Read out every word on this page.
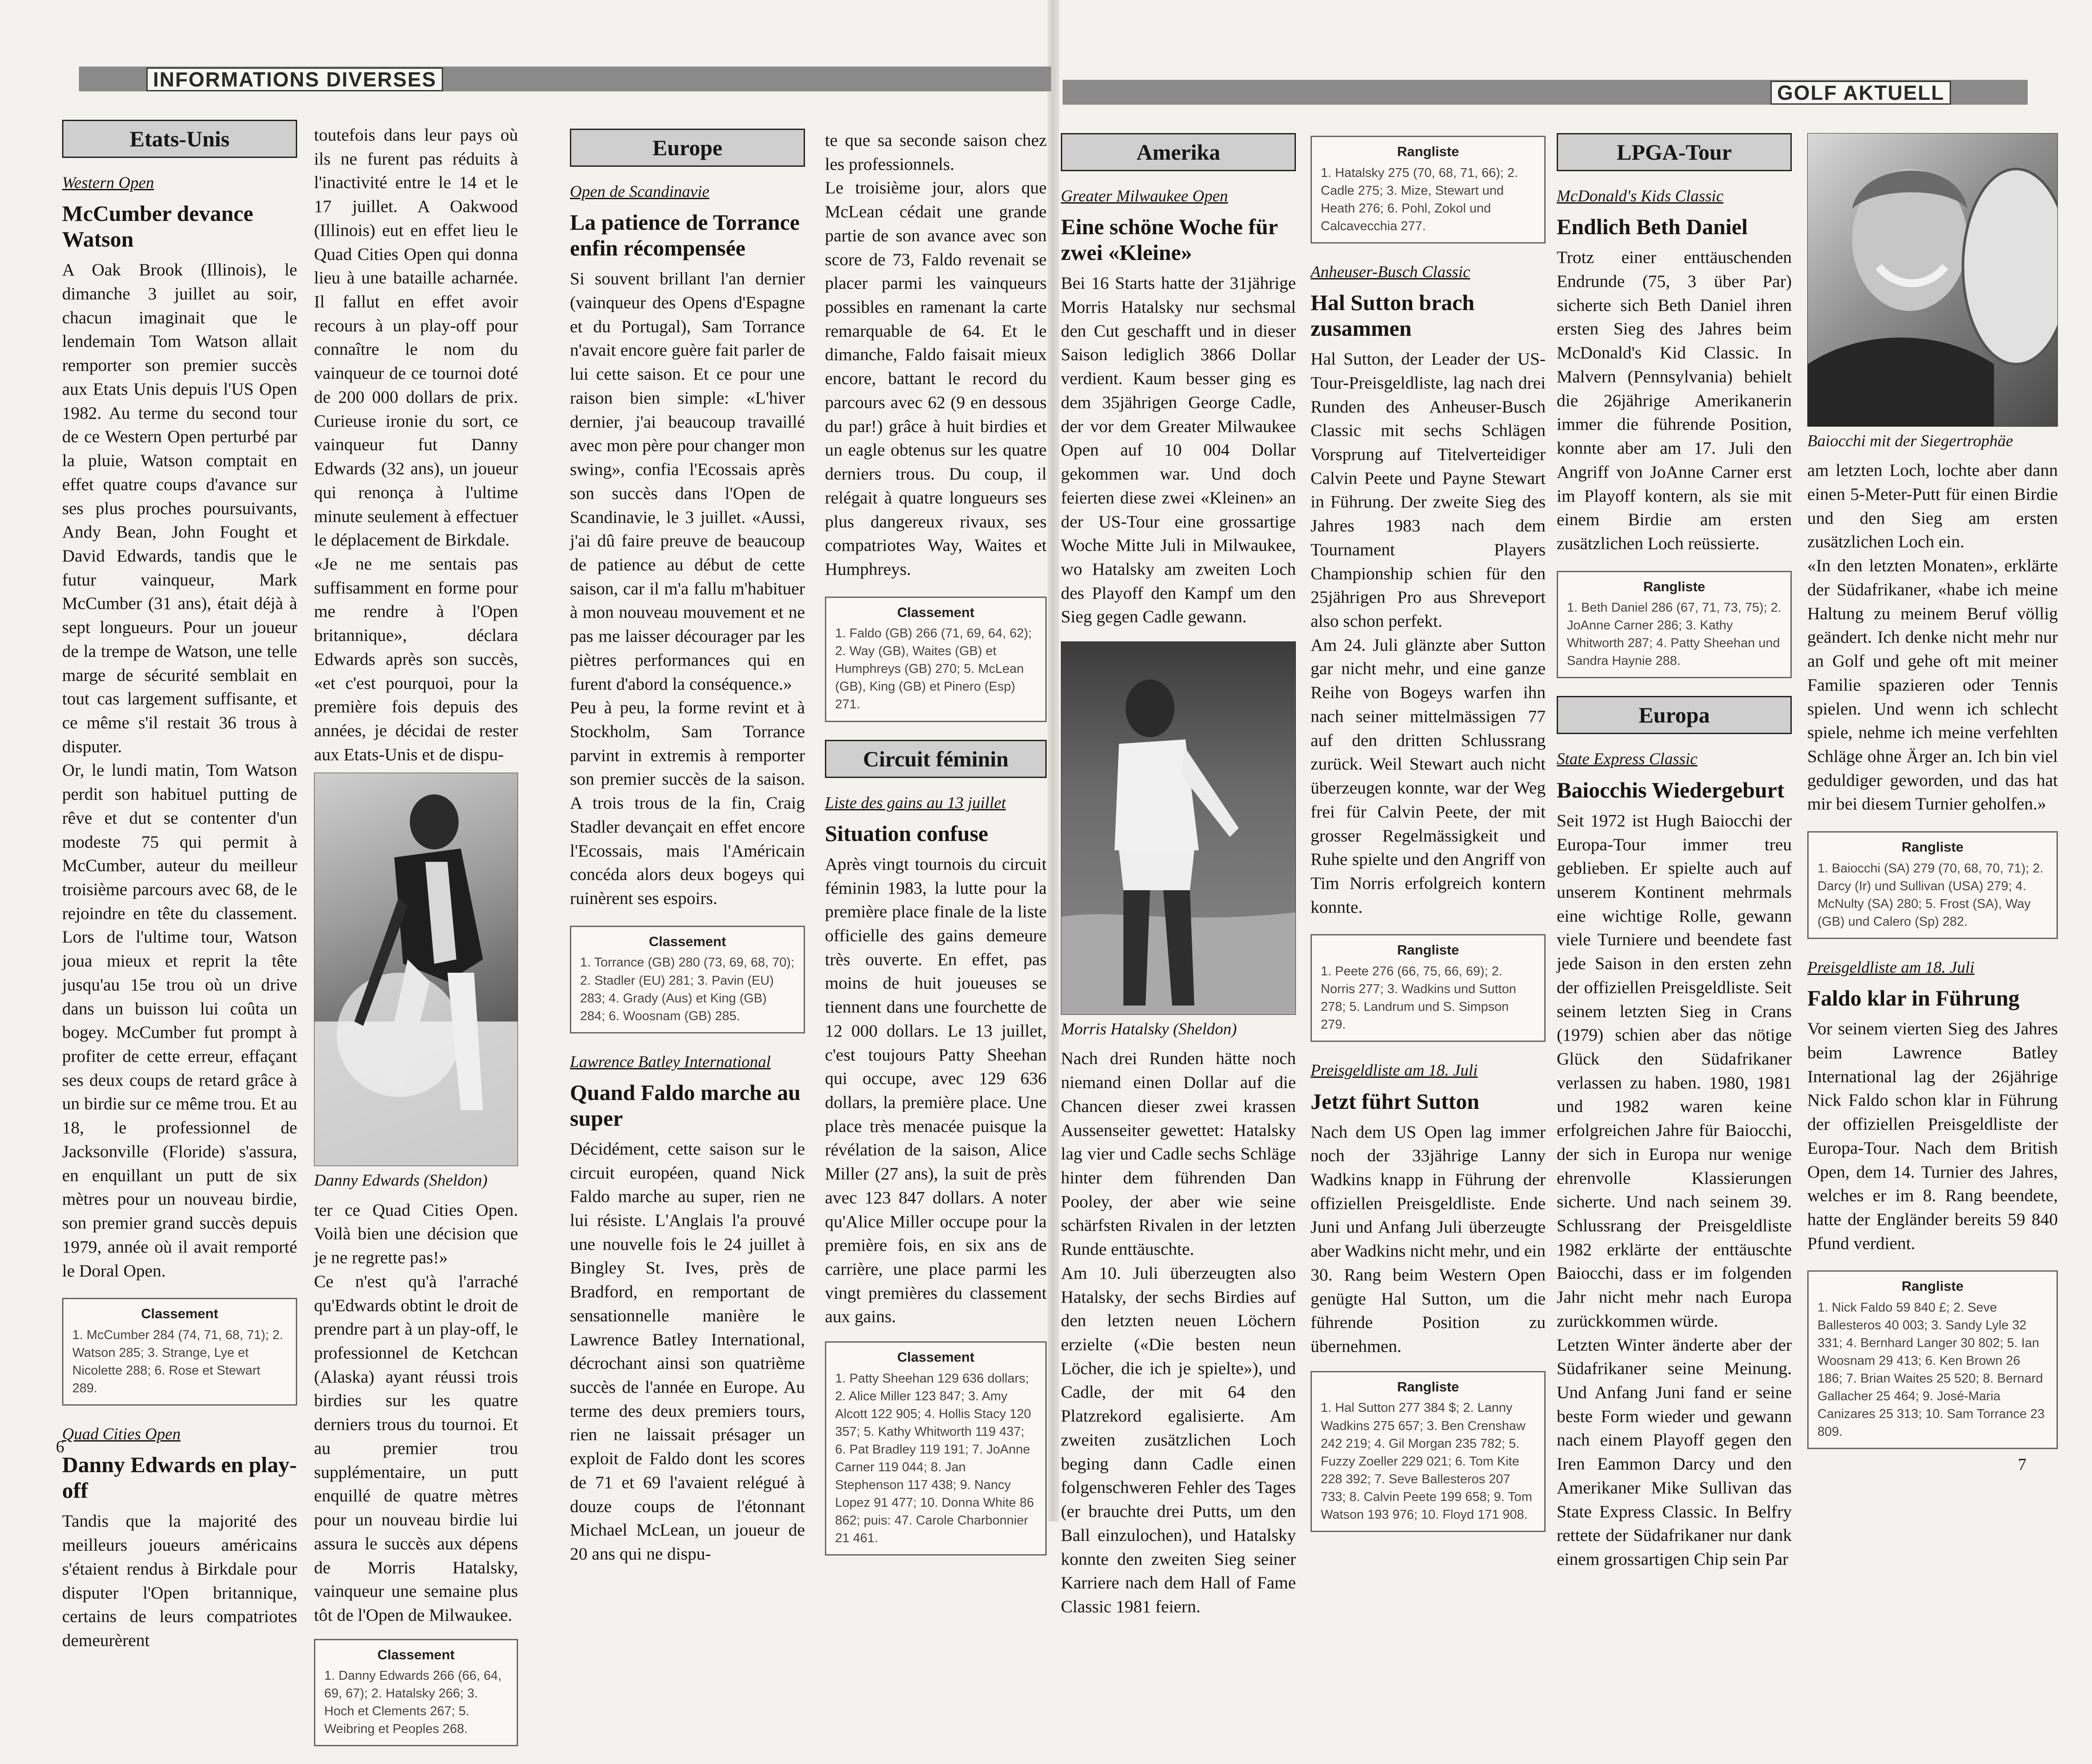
INFORMATIONS DIVERSES
Etats-Unis
Western Open
McCumber devance Watson

A Oak Brook (Illinois), le dimanche 3 juillet au soir, chacun imaginait que le lendemain Tom Watson allait remporter son premier succès aux Etats Unis depuis l'US Open 1982. Au terme du second tour de ce Western Open perturbé par la pluie, Watson comptait en effet quatre coups d'avance sur ses plus proches poursuivants, Andy Bean, John Fought et David Edwards, tandis que le futur vainqueur, Mark McCumber (31 ans), était déjà à sept longueurs. Pour un joueur de la trempe de Watson, une telle marge de sécurité semblait en tout cas largement suffisante, et ce même s'il restait 36 trous à disputer.

Or, le lundi matin, Tom Watson perdit son habituel putting de rêve et dut se contenter d'un modeste 75 qui permit à McCumber, auteur du meilleur troisième parcours avec 68, de le rejoindre en tête du classement. Lors de l'ultime tour, Watson joua mieux et reprit la tête jusqu'au 15e trou où un drive dans un buisson lui coûta un bogey. McCumber fut prompt à profiter de cette erreur, effaçant ses deux coups de retard grâce à un birdie sur ce même trou. Et au 18, le professionnel de Jacksonville (Floride) s'assura, en enquillant un putt de six mètres pour un nouveau birdie, son premier grand succès depuis 1979, année où il avait remporté le Doral Open.

Classement
1. McCumber 284 (74, 71, 68, 71); 2. Watson 285; 3. Strange, Lye et Nicolette 288; 6. Rose et Stewart 289.
Quad Cities Open
Danny Edwards en play-off

Tandis que la majorité des meilleurs joueurs américains s'étaient rendus à Birkdale pour disputer l'Open britannique, certains de leurs compatriotes demeurèrent

toutefois dans leur pays où ils ne furent pas réduits à l'inactivité entre le 14 et le 17 juillet. A Oakwood (Illinois) eut en effet lieu le Quad Cities Open qui donna lieu à une bataille acharnée. Il fallut en effet avoir recours à un play-off pour connaître le nom du vainqueur de ce tournoi doté de 200 000 dollars de prix. Curieuse ironie du sort, ce vainqueur fut Danny Edwards (32 ans), un joueur qui renonça à l'ultime minute seulement à effectuer le déplacement de Birkdale.

«Je ne me sentais pas suffisamment en forme pour me rendre à l'Open britannique», déclara Edwards après son succès, «et c'est pourquoi, pour la première fois depuis des années, je décidai de rester aux Etats-Unis et de dispu-

Danny Edwards (Sheldon)

ter ce Quad Cities Open. Voilà bien une décision que je ne regrette pas!»

Ce n'est qu'à l'arraché qu'Edwards obtint le droit de prendre part à un play-off, le professionnel de Ketchcan (Alaska) ayant réussi trois birdies sur les quatre derniers trous du tournoi. Et au premier trou supplémentaire, un putt enquillé de quatre mètres pour un nouveau birdie lui assura le succès aux dépens de Morris Hatalsky, vainqueur une semaine plus tôt de l'Open de Milwaukee.

Classement
1. Danny Edwards 266 (66, 64, 69, 67); 2. Hatalsky 266; 3. Hoch et Clements 267; 5. Weibring et Peoples 268.
Europe
Open de Scandinavie
La patience de Torrance enfin récompensée

Si souvent brillant l'an dernier (vainqueur des Opens d'Espagne et du Portugal), Sam Torrance n'avait encore guère fait parler de lui cette saison. Et ce pour une raison bien simple: «L'hiver dernier, j'ai beaucoup travaillé avec mon père pour changer mon swing», confia l'Ecossais après son succès dans l'Open de Scandinavie, le 3 juillet. «Aussi, j'ai dû faire preuve de beaucoup de patience au début de cette saison, car il m'a fallu m'habituer à mon nouveau mouvement et ne pas me laisser décourager par les piètres performances qui en furent d'abord la conséquence.»

Peu à peu, la forme revint et à Stockholm, Sam Torrance parvint in extremis à remporter son premier succès de la saison. A trois trous de la fin, Craig Stadler devançait en effet encore l'Ecossais, mais l'Américain concéda alors deux bogeys qui ruinèrent ses espoirs.

Classement
1. Torrance (GB) 280 (73, 69, 68, 70); 2. Stadler (EU) 281; 3. Pavin (EU) 283; 4. Grady (Aus) et King (GB) 284; 6. Woosnam (GB) 285.
Lawrence Batley International
Quand Faldo marche au super

Décidément, cette saison sur le circuit européen, quand Nick Faldo marche au super, rien ne lui résiste. L'Anglais l'a prouvé une nouvelle fois le 24 juillet à Bingley St. Ives, près de Bradford, en remportant de sensationnelle manière le Lawrence Batley International, décrochant ainsi son quatrième succès de l'année en Europe. Au terme des deux premiers tours, rien ne laissait présager un exploit de Faldo dont les scores de 71 et 69 l'avaient relégué à douze coups de l'étonnant Michael McLean, un joueur de 20 ans qui ne dispu-

te que sa seconde saison chez les professionnels.

Le troisième jour, alors que McLean cédait une grande partie de son avance avec son score de 73, Faldo revenait se placer parmi les vainqueurs possibles en ramenant la carte remarquable de 64. Et le dimanche, Faldo faisait mieux encore, battant le record du parcours avec 62 (9 en dessous du par!) grâce à huit birdies et un eagle obtenus sur les quatre derniers trous. Du coup, il relégait à quatre longueurs ses plus dangereux rivaux, ses compatriotes Way, Waites et Humphreys.

Classement
1. Faldo (GB) 266 (71, 69, 64, 62); 2. Way (GB), Waites (GB) et Humphreys (GB) 270; 5. McLean (GB), King (GB) et Pinero (Esp) 271.
Circuit féminin
Liste des gains au 13 juillet
Situation confuse

Après vingt tournois du circuit féminin 1983, la lutte pour la première place finale de la liste officielle des gains demeure très ouverte. En effet, pas moins de huit joueuses se tiennent dans une fourchette de 12 000 dollars. Le 13 juillet, c'est toujours Patty Sheehan qui occupe, avec 129 636 dollars, la première place. Une place très menacée puisque la révélation de la saison, Alice Miller (27 ans), la suit de près avec 123 847 dollars. A noter qu'Alice Miller occupe pour la première fois, en six ans de carrière, une place parmi les vingt premières du classement aux gains.

Classement
1. Patty Sheehan 129 636 dollars; 2. Alice Miller 123 847; 3. Amy Alcott 122 905; 4. Hollis Stacy 120 357; 5. Kathy Whitworth 119 437; 6. Pat Bradley 119 191; 7. JoAnne Carner 119 044; 8. Jan Stephenson 117 438; 9. Nancy Lopez 91 477; 10. Donna White 86 862; puis: 47. Carole Charbonnier 21 461.
6
GOLF AKTUELL
Amerika
Greater Milwaukee Open
Eine schöne Woche für zwei «Kleine»

Bei 16 Starts hatte der 31jährige Morris Hatalsky nur sechsmal den Cut geschafft und in dieser Saison lediglich 3866 Dollar verdient. Kaum besser ging es dem 35jährigen George Cadle, der vor dem Greater Milwaukee Open auf 10 004 Dollar gekommen war. Und doch feierten diese zwei «Kleinen» an der US-Tour eine grossartige Woche Mitte Juli in Milwaukee, wo Hatalsky am zweiten Loch des Playoff den Kampf um den Sieg gegen Cadle gewann.

Morris Hatalsky (Sheldon)

Nach drei Runden hätte noch niemand einen Dollar auf die Chancen dieser zwei krassen Aussenseiter gewettet: Hatalsky lag vier und Cadle sechs Schläge hinter dem führenden Dan Pooley, der aber wie seine schärfsten Rivalen in der letzten Runde enttäuschte.

Am 10. Juli überzeugten also Hatalsky, der sechs Birdies auf den letzten neuen Löchern erzielte («Die besten neun Löcher, die ich je spielte»), und Cadle, der mit 64 den Platzrekord egalisierte. Am zweiten zusätzlichen Loch beging dann Cadle einen folgenschweren Fehler des Tages (er brauchte drei Putts, um den Ball einzulochen), und Hatalsky konnte den zweiten Sieg seiner Karriere nach dem Hall of Fame Classic 1981 feiern.

Rangliste
1. Hatalsky 275 (70, 68, 71, 66); 2. Cadle 275; 3. Mize, Stewart und Heath 276; 6. Pohl, Zokol und Calcavecchia 277.
Anheuser-Busch Classic
Hal Sutton brach zusammen

Hal Sutton, der Leader der US-Tour-Preisgeldliste, lag nach drei Runden des Anheuser-Busch Classic mit sechs Schlägen Vorsprung auf Titelverteidiger Calvin Peete und Payne Stewart in Führung. Der zweite Sieg des Jahres 1983 nach dem Tournament Players Championship schien für den 25jährigen Pro aus Shreveport also schon perfekt.

Am 24. Juli glänzte aber Sutton gar nicht mehr, und eine ganze Reihe von Bogeys warfen ihn nach seiner mittelmässigen 77 auf den dritten Schlussrang zurück. Weil Stewart auch nicht überzeugen konnte, war der Weg frei für Calvin Peete, der mit grosser Regelmässigkeit und Ruhe spielte und den Angriff von Tim Norris erfolgreich kontern konnte.

Rangliste
1. Peete 276 (66, 75, 66, 69); 2. Norris 277; 3. Wadkins und Sutton 278; 5. Landrum und S. Simpson 279.
Preisgeldliste am 18. Juli
Jetzt führt Sutton

Nach dem US Open lag immer noch der 33jährige Lanny Wadkins knapp in Führung der offiziellen Preisgeldliste. Ende Juni und Anfang Juli überzeugte aber Wadkins nicht mehr, und ein 30. Rang beim Western Open genügte Hal Sutton, um die führende Position zu übernehmen.

Rangliste
1. Hal Sutton 277 384 $; 2. Lanny Wadkins 275 657; 3. Ben Crenshaw 242 219; 4. Gil Morgan 235 782; 5. Fuzzy Zoeller 229 021; 6. Tom Kite 228 392; 7. Seve Ballesteros 207 733; 8. Calvin Peete 199 658; 9. Tom Watson 193 976; 10. Floyd 171 908.
LPGA-Tour
McDonald's Kids Classic
Endlich Beth Daniel

Trotz einer enttäuschenden Endrunde (75, 3 über Par) sicherte sich Beth Daniel ihren ersten Sieg des Jahres beim McDonald's Kid Classic. In Malvern (Pennsylvania) behielt die 26jährige Amerikanerin immer die führende Position, konnte aber am 17. Juli den Angriff von JoAnne Carner erst im Playoff kontern, als sie mit einem Birdie am ersten zusätzlichen Loch reüssierte.

Rangliste
1. Beth Daniel 286 (67, 71, 73, 75); 2. JoAnne Carner 286; 3. Kathy Whitworth 287; 4. Patty Sheehan und Sandra Haynie 288.
Europa
State Express Classic
Baiocchis Wiedergeburt

Seit 1972 ist Hugh Baiocchi der Europa-Tour immer treu geblieben. Er spielte auch auf unserem Kontinent mehrmals eine wichtige Rolle, gewann viele Turniere und beendete fast jede Saison in den ersten zehn der offiziellen Preisgeldliste. Seit seinem letzten Sieg in Crans (1979) schien aber das nötige Glück den Südafrikaner verlassen zu haben. 1980, 1981 und 1982 waren keine erfolgreichen Jahre für Baiocchi, der sich in Europa nur wenige ehrenvolle Klassierungen sicherte. Und nach seinem 39. Schlussrang der Preisgeldliste 1982 erklärte der enttäuschte Baiocchi, dass er im folgenden Jahr nicht mehr nach Europa zurückkommen würde.

Letzten Winter änderte aber der Südafrikaner seine Meinung. Und Anfang Juni fand er seine beste Form wieder und gewann nach einem Playoff gegen den Iren Eammon Darcy und den Amerikaner Mike Sullivan das State Express Classic. In Belfry rettete der Südafrikaner nur dank einem grossartigen Chip sein Par

Baiocchi mit der Siegertrophäe

am letzten Loch, lochte aber dann einen 5-Meter-Putt für einen Birdie und den Sieg am ersten zusätzlichen Loch ein.

«In den letzten Monaten», erklärte der Südafrikaner, «habe ich meine Haltung zu meinem Beruf völlig geändert. Ich denke nicht mehr nur an Golf und gehe oft mit meiner Familie spazieren oder Tennis spielen. Und wenn ich schlecht spiele, nehme ich meine verfehlten Schläge ohne Ärger an. Ich bin viel geduldiger geworden, und das hat mir bei diesem Turnier geholfen.»

Rangliste
1. Baiocchi (SA) 279 (70, 68, 70, 71); 2. Darcy (Ir) und Sullivan (USA) 279; 4. McNulty (SA) 280; 5. Frost (SA), Way (GB) und Calero (Sp) 282.
Preisgeldliste am 18. Juli
Faldo klar in Führung

Vor seinem vierten Sieg des Jahres beim Lawrence Batley International lag der 26jährige Nick Faldo schon klar in Führung der offiziellen Preisgeldliste der Europa-Tour. Nach dem British Open, dem 14. Turnier des Jahres, welches er im 8. Rang beendete, hatte der Engländer bereits 59 840 Pfund verdient.

Rangliste
1. Nick Faldo 59 840 £; 2. Seve Ballesteros 40 003; 3. Sandy Lyle 32 331; 4. Bernhard Langer 30 802; 5. Ian Woosnam 29 413; 6. Ken Brown 26 186; 7. Brian Waites 25 520; 8. Bernard Gallacher 25 464; 9. José-Maria Canizares 25 313; 10. Sam Torrance 23 809.
7
